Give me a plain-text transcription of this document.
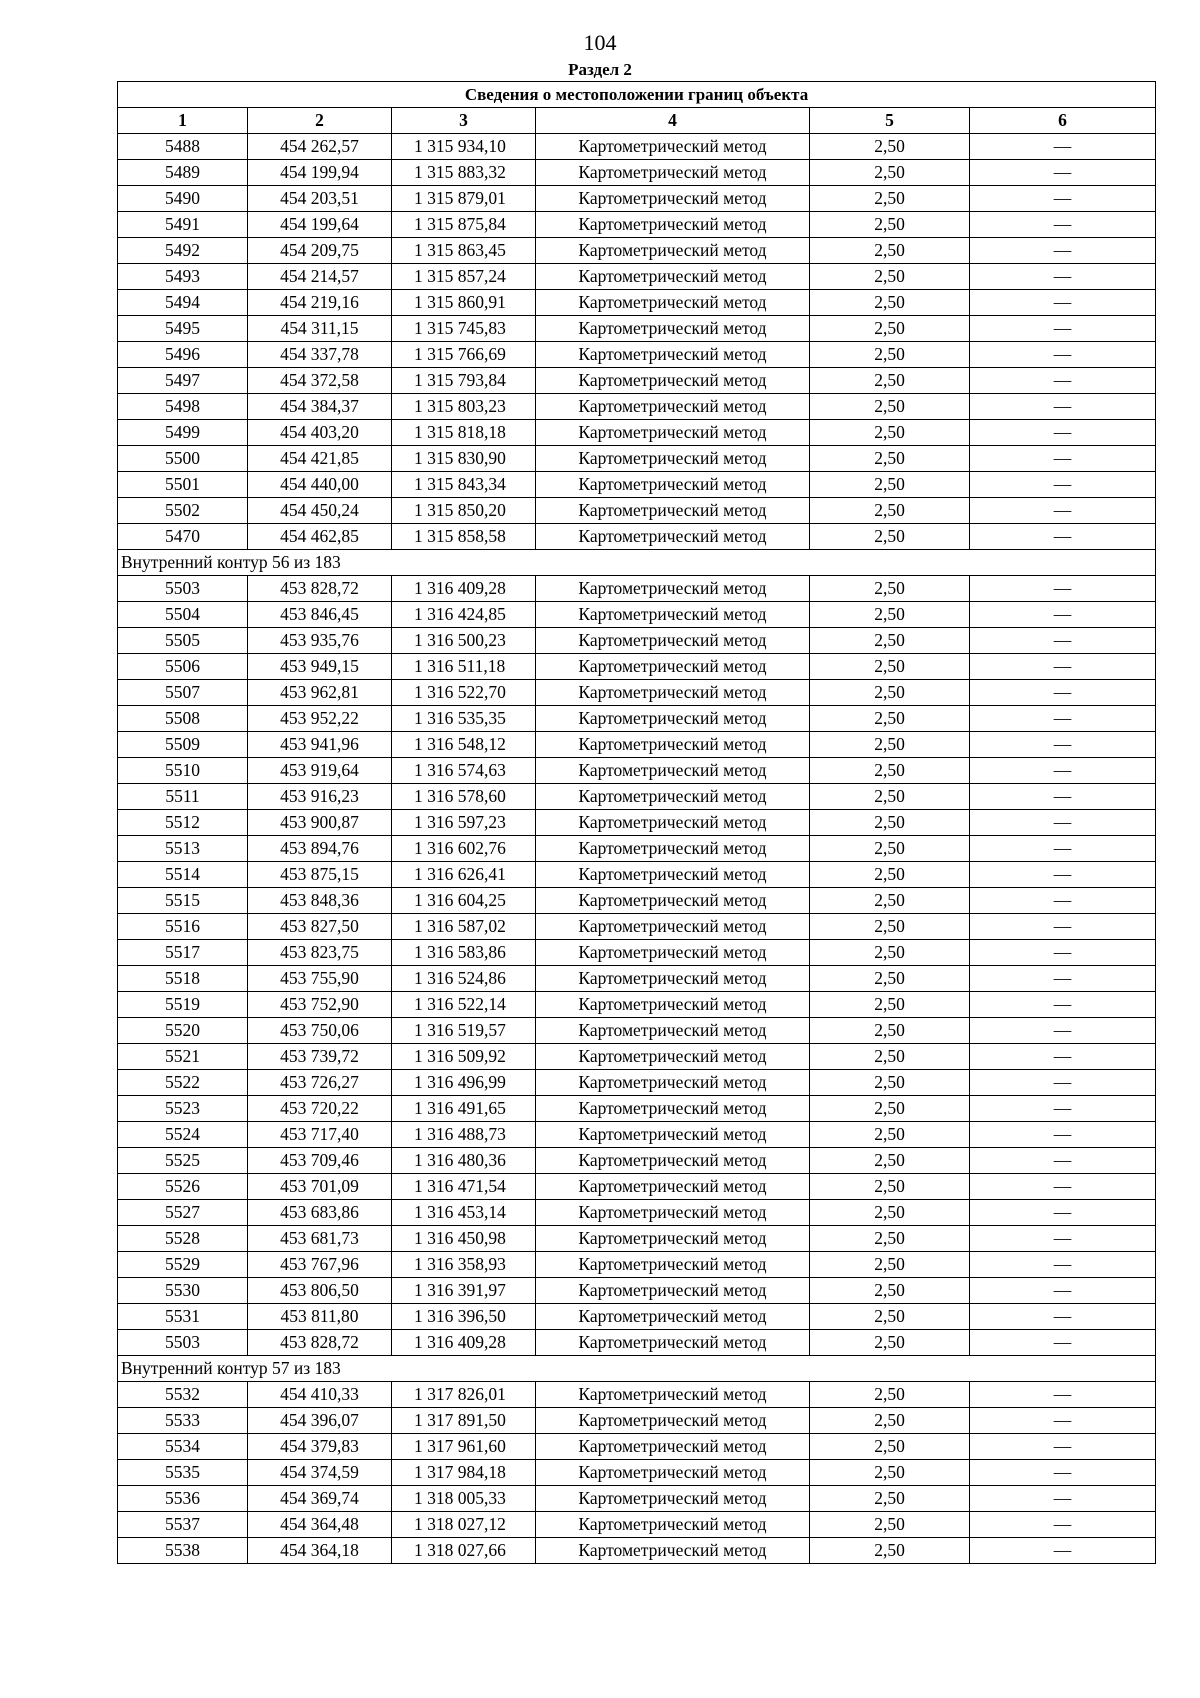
104
Раздел 2
Сведения о местоположении границ объекта					
1	2	3	4	5	6
5488	454 262,57	1 315 934,10	Картометрический метод	2,50	—
5489	454 199,94	1 315 883,32	Картометрический метод	2,50	—
5490	454 203,51	1 315 879,01	Картометрический метод	2,50	—
5491	454 199,64	1 315 875,84	Картометрический метод	2,50	—
5492	454 209,75	1 315 863,45	Картометрический метод	2,50	—
5493	454 214,57	1 315 857,24	Картометрический метод	2,50	—
5494	454 219,16	1 315 860,91	Картометрический метод	2,50	—
5495	454 311,15	1 315 745,83	Картометрический метод	2,50	—
5496	454 337,78	1 315 766,69	Картометрический метод	2,50	—
5497	454 372,58	1 315 793,84	Картометрический метод	2,50	—
5498	454 384,37	1 315 803,23	Картометрический метод	2,50	—
5499	454 403,20	1 315 818,18	Картометрический метод	2,50	—
5500	454 421,85	1 315 830,90	Картометрический метод	2,50	—
5501	454 440,00	1 315 843,34	Картометрический метод	2,50	—
5502	454 450,24	1 315 850,20	Картометрический метод	2,50	—
5470	454 462,85	1 315 858,58	Картометрический метод	2,50	—
Внутренний контур 56 из 183					
5503	453 828,72	1 316 409,28	Картометрический метод	2,50	—
5504	453 846,45	1 316 424,85	Картометрический метод	2,50	—
5505	453 935,76	1 316 500,23	Картометрический метод	2,50	—
5506	453 949,15	1 316 511,18	Картометрический метод	2,50	—
5507	453 962,81	1 316 522,70	Картометрический метод	2,50	—
5508	453 952,22	1 316 535,35	Картометрический метод	2,50	—
5509	453 941,96	1 316 548,12	Картометрический метод	2,50	—
5510	453 919,64	1 316 574,63	Картометрический метод	2,50	—
5511	453 916,23	1 316 578,60	Картометрический метод	2,50	—
5512	453 900,87	1 316 597,23	Картометрический метод	2,50	—
5513	453 894,76	1 316 602,76	Картометрический метод	2,50	—
5514	453 875,15	1 316 626,41	Картометрический метод	2,50	—
5515	453 848,36	1 316 604,25	Картометрический метод	2,50	—
5516	453 827,50	1 316 587,02	Картометрический метод	2,50	—
5517	453 823,75	1 316 583,86	Картометрический метод	2,50	—
5518	453 755,90	1 316 524,86	Картометрический метод	2,50	—
5519	453 752,90	1 316 522,14	Картометрический метод	2,50	—
5520	453 750,06	1 316 519,57	Картометрический метод	2,50	—
5521	453 739,72	1 316 509,92	Картометрический метод	2,50	—
5522	453 726,27	1 316 496,99	Картометрический метод	2,50	—
5523	453 720,22	1 316 491,65	Картометрический метод	2,50	—
5524	453 717,40	1 316 488,73	Картометрический метод	2,50	—
5525	453 709,46	1 316 480,36	Картометрический метод	2,50	—
5526	453 701,09	1 316 471,54	Картометрический метод	2,50	—
5527	453 683,86	1 316 453,14	Картометрический метод	2,50	—
5528	453 681,73	1 316 450,98	Картометрический метод	2,50	—
5529	453 767,96	1 316 358,93	Картометрический метод	2,50	—
5530	453 806,50	1 316 391,97	Картометрический метод	2,50	—
5531	453 811,80	1 316 396,50	Картометрический метод	2,50	—
5503	453 828,72	1 316 409,28	Картометрический метод	2,50	—
Внутренний контур 57 из 183					
5532	454 410,33	1 317 826,01	Картометрический метод	2,50	—
5533	454 396,07	1 317 891,50	Картометрический метод	2,50	—
5534	454 379,83	1 317 961,60	Картометрический метод	2,50	—
5535	454 374,59	1 317 984,18	Картометрический метод	2,50	—
5536	454 369,74	1 318 005,33	Картометрический метод	2,50	—
5537	454 364,48	1 318 027,12	Картометрический метод	2,50	—
5538	454 364,18	1 318 027,66	Картометрический метод	2,50	—
